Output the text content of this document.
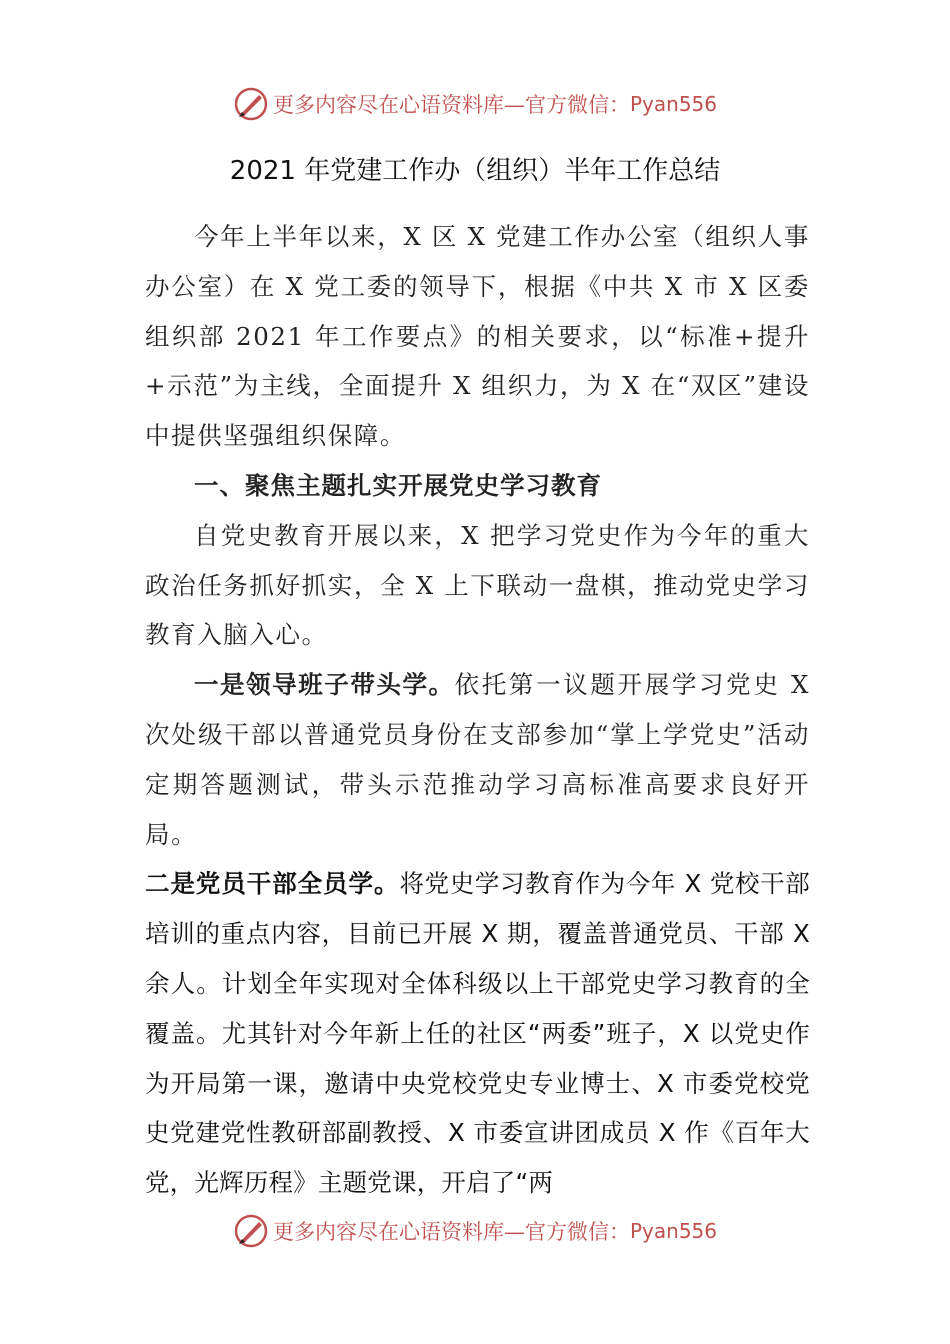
更多内容尽在心语资料库—官方微信： Pyan556
2021 年党建工作办（组织）半年工作总结

今年上半年以来，X 区 X 党建工作办公室（组织人事办公室）在 X 党工委的领导下，根据《中共 X 市 X 区委组织部 2021 年工作要点》的相关要求，以“标准+提升+示范”为主线，全面提升 X 组织力，为 X 在“双区”建设中提供坚强组织保障。

一、聚焦主题扎实开展党史学习教育

自党史教育开展以来，X 把学习党史作为今年的重大政治任务抓好抓实，全 X 上下联动一盘棋，推动党史学习教育入脑入心。

一是领导班子带头学。依托第一议题开展学习党史 X 次处级干部以普通党员身份在支部参加“掌上学党史”活动定期答题测试，带头示范推动学习高标准高要求良好开局。

二是党员干部全员学。将党史学习教育作为今年 X 党校干部培训的重点内容，目前已开展 X 期，覆盖普通党员、干部 X 余人。计划全年实现对全体科级以上干部党史学习教育的全覆盖。尤其针对今年新上任的社区“两委”班子，X 以党史作为开局第一课，邀请中央党校党史专业博士、X 市委党校党史党建党性教研部副教授、X 市委宣讲团成员 X 作《百年大党，光辉历程》主题党课，开启了“两

更多内容尽在心语资料库—官方微信： Pyan556
